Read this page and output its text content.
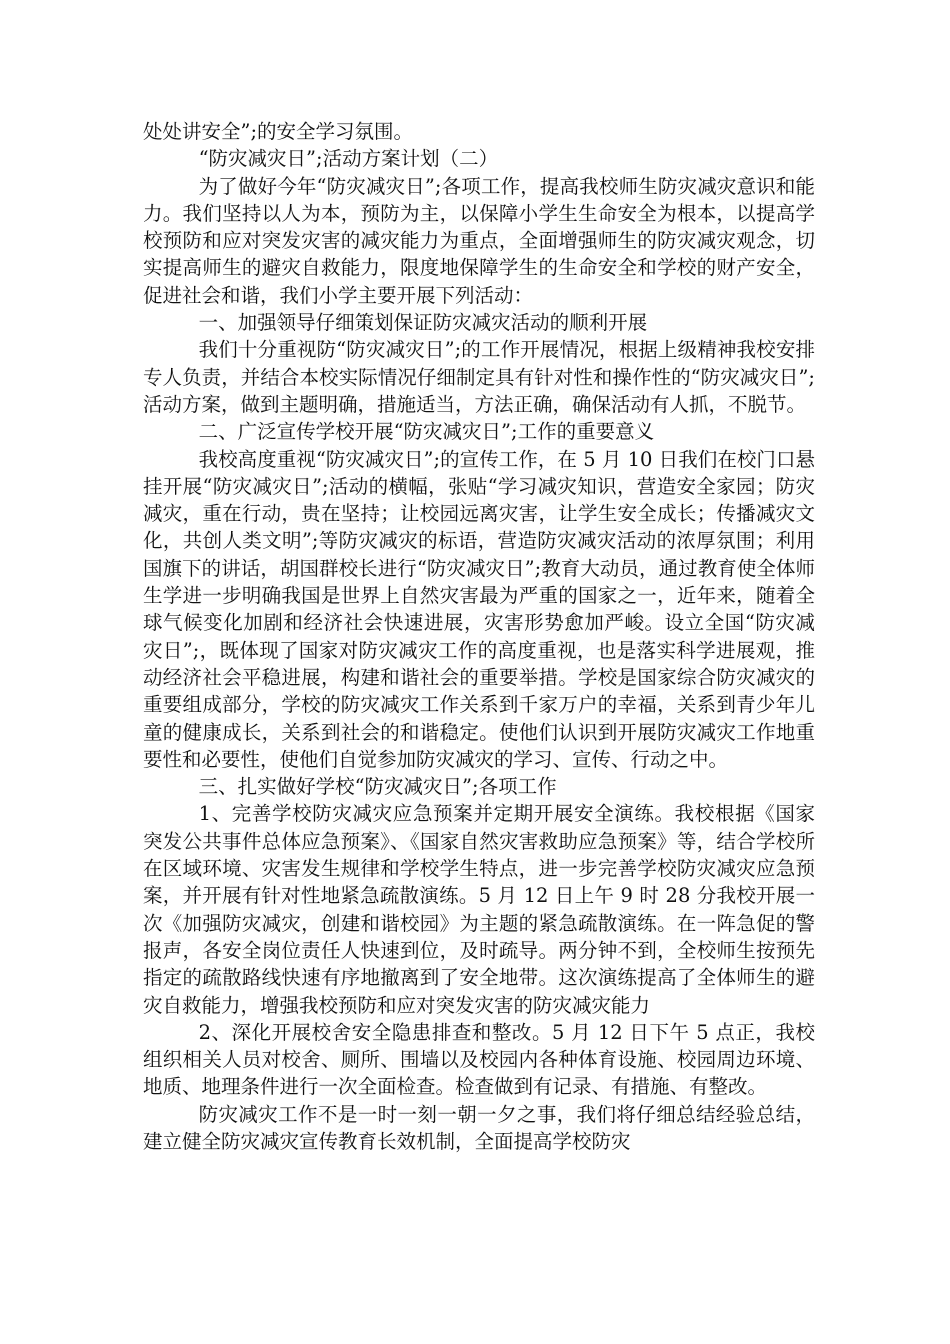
处处讲安全”;的安全学习氛围。

“防灾减灾日”;活动方案计划（二）

为了做好今年“防灾减灾日”;各项工作，提高我校师生防灾减灾意识和能力。我们坚持以人为本，预防为主，以保障小学生生命安全为根本，以提高学校预防和应对突发灾害的减灾能力为重点，全面增强师生的防灾减灾观念，切实提高师生的避灾自救能力，限度地保障学生的生命安全和学校的财产安全，促进社会和谐，我们小学主要开展下列活动：

一、加强领导仔细策划保证防灾减灾活动的顺利开展

我们十分重视防“防灾减灾日”;的工作开展情况，根据上级精神我校安排专人负责，并结合本校实际情况仔细制定具有针对性和操作性的“防灾减灾日”;活动方案，做到主题明确，措施适当，方法正确，确保活动有人抓，不脱节。

二、广泛宣传学校开展“防灾减灾日”;工作的重要意义

我校高度重视“防灾减灾日”;的宣传工作，在 5 月 10 日我们在校门口悬挂开展“防灾减灾日”;活动的横幅，张贴“学习减灾知识，营造安全家园；防灾减灾，重在行动，贵在坚持；让校园远离灾害，让学生安全成长；传播减灾文化，共创人类文明”;等防灾减灾的标语，营造防灾减灾活动的浓厚氛围；利用国旗下的讲话，胡国群校长进行“防灾减灾日”;教育大动员，通过教育使全体师生学进一步明确我国是世界上自然灾害最为严重的国家之一，近年来，随着全球气候变化加剧和经济社会快速进展，灾害形势愈加严峻。设立全国“防灾减灾日”;，既体现了国家对防灾减灾工作的高度重视，也是落实科学进展观，推动经济社会平稳进展，构建和谐社会的重要举措。学校是国家综合防灾减灾的重要组成部分，学校的防灾减灾工作关系到千家万户的幸福，关系到青少年儿童的健康成长，关系到社会的和谐稳定。使他们认识到开展防灾减灾工作地重要性和必要性，使他们自觉参加防灾减灾的学习、宣传、行动之中。

三、扎实做好学校“防灾减灾日”;各项工作

1、完善学校防灾减灾应急预案并定期开展安全演练。我校根据《国家突发公共事件总体应急预案》、《国家自然灾害救助应急预案》等，结合学校所在区域环境、灾害发生规律和学校学生特点，进一步完善学校防灾减灾应急预案，并开展有针对性地紧急疏散演练。5 月 12 日上午 9 时 28 分我校开展一次《加强防灾减灾，创建和谐校园》为主题的紧急疏散演练。在一阵急促的警报声，各安全岗位责任人快速到位，及时疏导。两分钟不到，全校师生按预先指定的疏散路线快速有序地撤离到了安全地带。这次演练提高了全体师生的避灾自救能力，增强我校预防和应对突发灾害的防灾减灾能力

2、深化开展校舍安全隐患排查和整改。5 月 12 日下午 5 点正，我校组织相关人员对校舍、厕所、围墙以及校园内各种体育设施、校园周边环境、地质、地理条件进行一次全面检查。检查做到有记录、有措施、有整改。

防灾减灾工作不是一时一刻一朝一夕之事，我们将仔细总结经验总结，建立健全防灾减灾宣传教育长效机制，全面提高学校防灾
